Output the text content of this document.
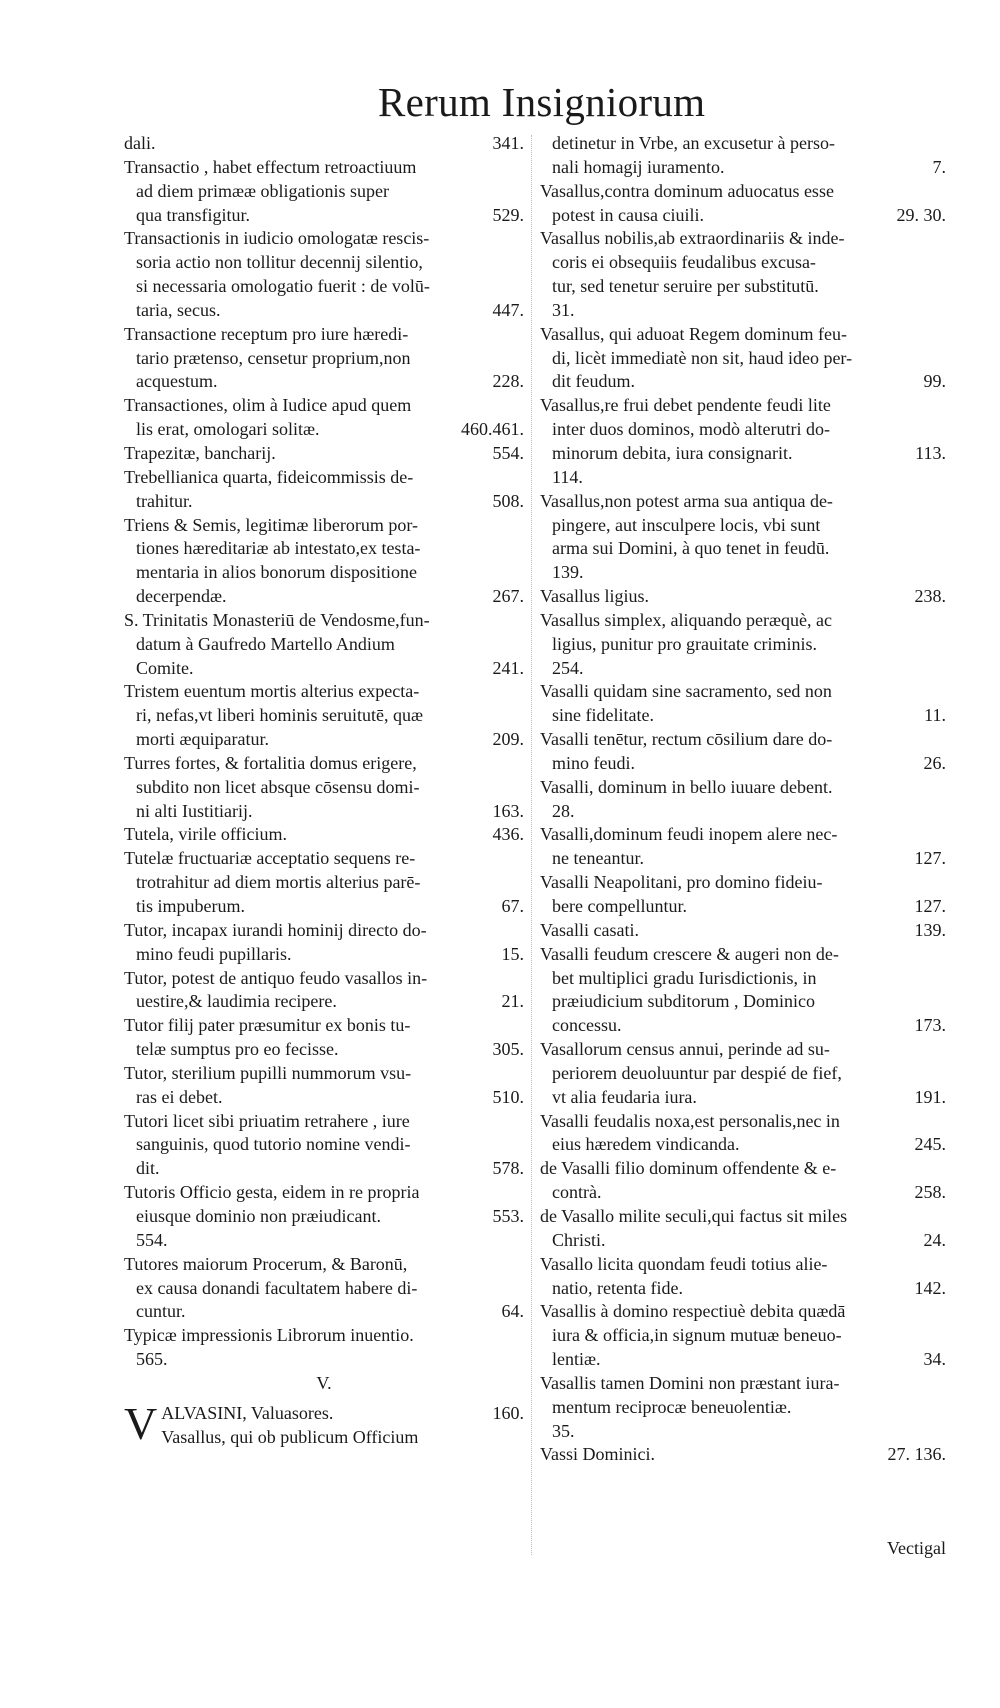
Rerum Insigniorum
dali.	341.
Transactio , habet effectum retroactiuum
ad diem primææ obligationis super
qua transfigitur.	529.
Transactionis in iudicio omologatæ rescis-
soria actio non tollitur decennij silentio,
si necessaria omologatio fuerit : de volū-
taria, secus.	447.
Transactione receptum pro iure hæredi-
tario prætenso, censetur proprium,non
acquestum.	228.
Transactiones, olim à Iudice apud quem
lis erat, omologari solitæ.	460.461.
Trapezitæ, bancharij.	554.
Trebellianica quarta, fideicommissis de-
trahitur.	508.
Triens & Semis, legitimæ liberorum por-
tiones hæreditariæ ab intestato,ex testa-
mentaria in alios bonorum dispositione
decerpendæ.	267.
S. Trinitatis Monasteriū de Vendosme,fun-
datum à Gaufredo Martello Andium
Comite.	241.
Tristem euentum mortis alterius expecta-
ri, nefas,vt liberi hominis seruitutē, quæ
morti æquiparatur.	209.
Turres fortes, & fortalitia domus erigere,
subdito non licet absque cōsensu domi-
ni alti Iustitiarij.	163.
Tutela, virile officium.	436.
Tutelæ fructuariæ acceptatio sequens re-
trotrahitur ad diem mortis alterius parē-
tis impuberum.	67.
Tutor, incapax iurandi hominij directo do-
mino feudi pupillaris.	15.
Tutor, potest de antiquo feudo vasallos in-
uestire,& laudimia recipere.	21.
Tutor filij pater præsumitur ex bonis tu-
telæ sumptus pro eo fecisse.	305.
Tutor, sterilium pupilli nummorum vsu-
ras ei debet.	510.
Tutori licet sibi priuatim retrahere , iure
sanguinis, quod tutorio nomine vendi-
dit.	578.
Tutoris Officio gesta, eidem in re propria
eiusque dominio non præiudicant.	553.
554.
Tutores maiorum Procerum, & Baronū,
ex causa donandi facultatem habere di-
cuntur.	64.
Typicæ impressionis Librorum inuentio.
565.
V.
V ALVASINI, Valuasores.	160.
Vasallus, qui ob publicum Officium
detinetur in Vrbe, an excusetur à perso-
nali homagij iuramento.	7.
Vasallus,contra dominum aduocatus esse
potest in causa ciuili.	29. 30.
Vasallus nobilis,ab extraordinariis & inde-
coris ei obsequiis feudalibus excusa-
tur, sed tenetur seruire per substitutū.
31.
Vasallus, qui aduoat Regem dominum feu-
di, licèt immediatè non sit, haud ideo per-
dit feudum.	99.
Vasallus,re frui debet pendente feudi lite
inter duos dominos, modò alterutri do-
minorum debita, iura consignarit.	113.
114.
Vasallus,non potest arma sua antiqua de-
pingere, aut insculpere locis, vbi sunt
arma sui Domini, à quo tenet in feudū.
139.
Vasallus ligius.	238.
Vasallus simplex, aliquando peræquè, ac
ligius, punitur pro grauitate criminis.
254.
Vasalli quidam sine sacramento, sed non
sine fidelitate.	11.
Vasalli tenētur, rectum cōsilium dare do-
mino feudi.	26.
Vasalli, dominum in bello iuuare debent.
28.
Vasalli,dominum feudi inopem alere nec-
ne teneantur.	127.
Vasalli Neapolitani, pro domino fideiu-
bere compelluntur.	127.
Vasalli casati.	139.
Vasalli feudum crescere & augeri non de-
bet multiplici gradu Iurisdictionis, in
præiudicium subditorum , Dominico
concessu.	173.
Vasallorum census annui, perinde ad su-
periorem deuoluuntur par despié de fief,
vt alia feudaria iura.	191.
Vasalli feudalis noxa,est personalis,nec in
eius hæredem vindicanda.	245.
de Vasalli filio dominum offendente & e-
contrà.	258.
de Vasallo milite seculi,qui factus sit miles
Christi.	24.
Vasallo licita quondam feudi totius alie-
natio, retenta fide.	142.
Vasallis à domino respectiuè debita quædā
iura & officia,in signum mutuæ beneuo-
lentiæ.	34.
Vasallis tamen Domini non præstant iura-
mentum reciprocæ beneuolentiæ.
35.
Vassi Dominici.	27. 136.
Vectigal
